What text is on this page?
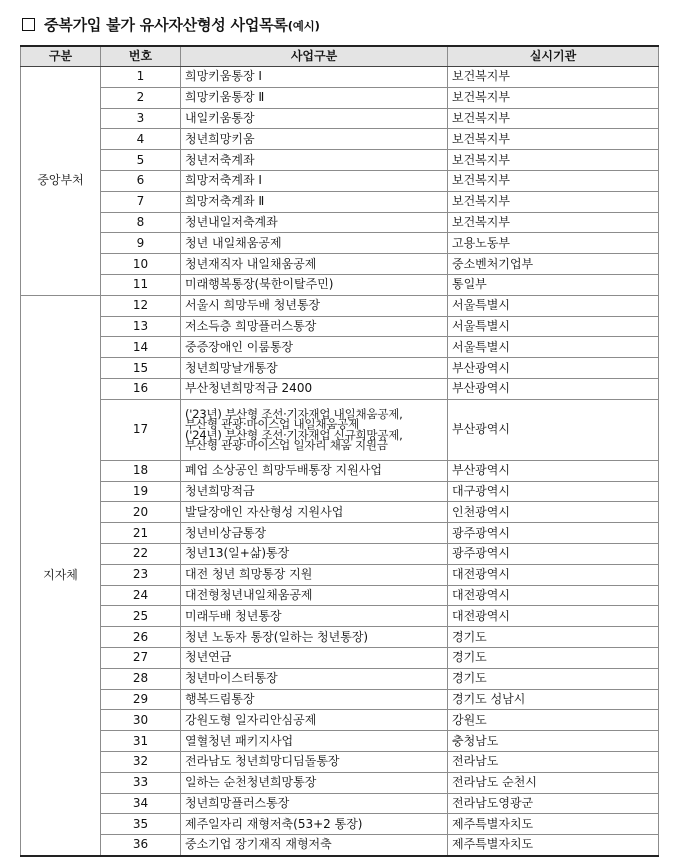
중복가입 불가 유사자산형성 사업목록(예시)
구분	번호	사업구분	실시기관
중앙부처	1	희망키움통장 Ⅰ	보건복지부
	2	희망키움통장 Ⅱ	보건복지부
	3	내일키움통장	보건복지부
	4	청년희망키움	보건복지부
	5	청년저축계좌	보건복지부
	6	희망저축계좌 Ⅰ	보건복지부
	7	희망저축계좌 Ⅱ	보건복지부
	8	청년내일저축계좌	보건복지부
	9	청년 내일채움공제	고용노동부
	10	청년재직자 내일채움공제	중소벤처기업부
	11	미래행복통장(북한이탈주민)	통일부
지자체	12	서울시 희망두배 청년통장	서울특별시
	13	저소득층 희망플러스통장	서울특별시
	14	중증장애인 이룸통장	서울특별시
	15	청년희망날개통장	부산광역시
	16	부산청년희망적금 2400	부산광역시
	17	('23년) 부산형 조선·기자재업 내일채움공제,
부산형 관광·마이스업 내일채움공제
('24년) 부산형 조선·기자재업 신규희망공제,
부산형 관광·마이스업 일자리 채움 지원금	부산광역시
	18	폐업 소상공인 희망두배통장 지원사업	부산광역시
	19	청년희망적금	대구광역시
	20	발달장애인 자산형성 지원사업	인천광역시
	21	청년비상금통장	광주광역시
	22	청년13(일+삶)통장	광주광역시
	23	대전 청년 희망통장 지원	대전광역시
	24	대전형청년내일채움공제	대전광역시
	25	미래두배 청년통장	대전광역시
	26	청년 노동자 통장(일하는 청년통장)	경기도
	27	청년연금	경기도
	28	청년마이스터통장	경기도
	29	행복드림통장	경기도 성남시
	30	강원도형 일자리안심공제	강원도
	31	열혈청년 패키지사업	충청남도
	32	전라남도 청년희망디딤돌통장	전라남도
	33	일하는 순천청년희망통장	전라남도 순천시
	34	청년희망플러스통장	전라남도영광군
	35	제주일자리 재형저축(53+2 통장)	제주특별자치도
	36	중소기업 장기재직 재형저축	제주특별자치도
